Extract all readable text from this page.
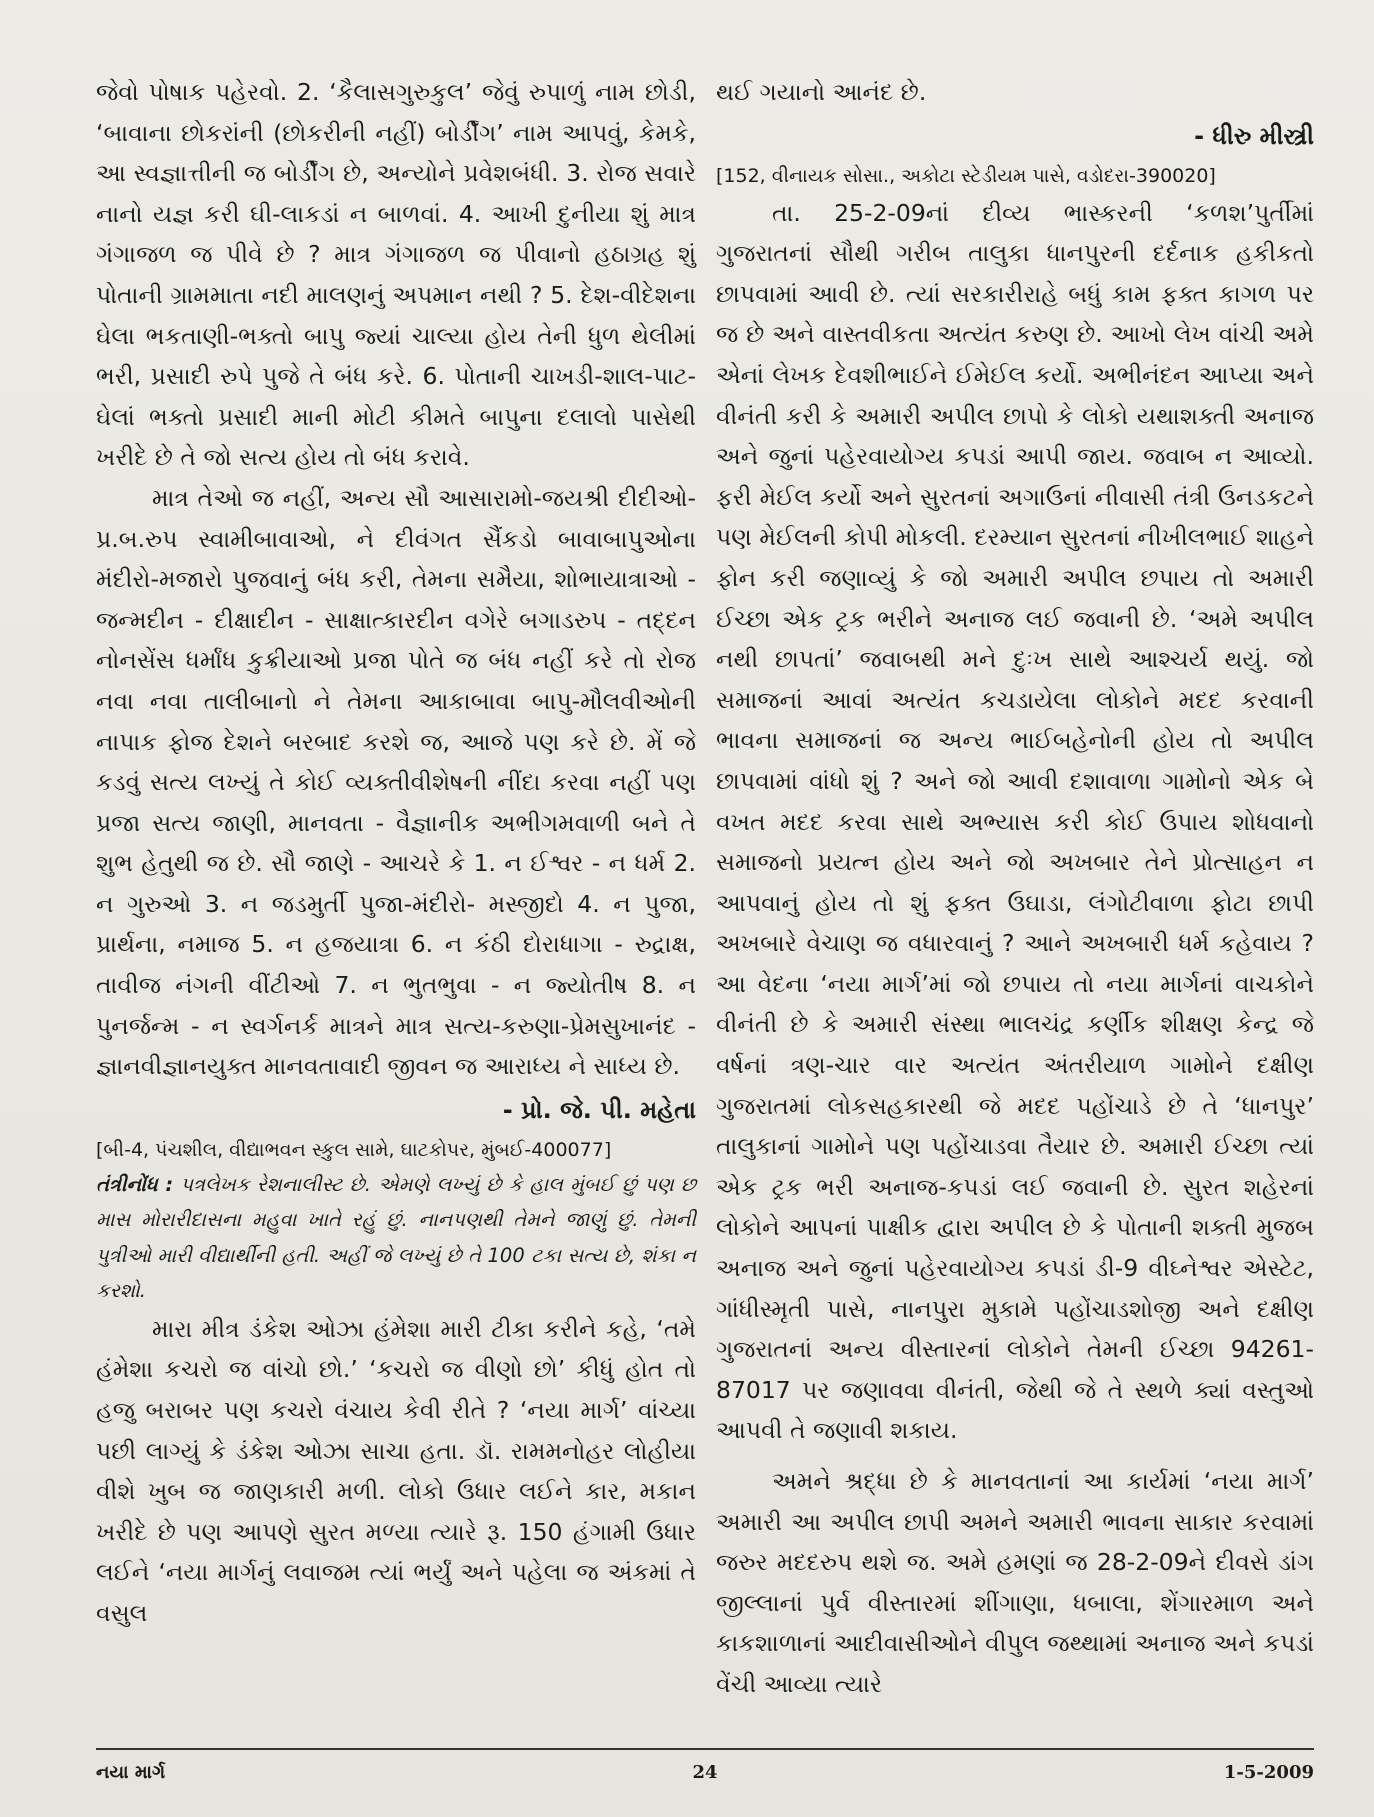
જેવો પોષાક પહેરવો. 2. ‘કૈલાસગુરુકુલ’ જેવું રુપાળું નામ છોડી, ‘બાવાના છોકરાંની (છોકરીની નહીં) બોર્ડીંગ’ નામ આપવું, કેમકે, આ સ્વજ્ઞાત્તીની જ બોર્ડીંગ છે, અન્યોને પ્રવેશબંધી. 3. રોજ સવારે નાનો યજ્ઞ કરી ઘી-લાકડાં ન બાળવાં. 4. આખી દુનીયા શું માત્ર ગંગાજળ જ પીવે છે ? માત્ર ગંગાજળ જ પીવાનો હઠાગ્રહ શું પોતાની ગ્રામમાતા નદી માલણનું અપમાન નથી ? 5. દેશ-વીદેશના ઘેલા ભકતાણી-ભક્તો બાપુ જ્યાં ચાલ્યા હોય તેની ધુળ થેલીમાં ભરી, પ્રસાદી રુપે પુજે તે બંધ કરે. 6. પોતાની ચાખડી-શાલ-પાટ- ઘેલાં ભક્તો પ્રસાદી માની મોટી કીમતે બાપુના દલાલો પાસેથી ખરીદે છે તે જો સત્ય હોય તો બંધ કરાવે.

માત્ર તેઓ જ નહીં, અન્ય સૌ આસારામો-જયશ્રી દીદીઓ- પ્ર.બ.રુપ સ્વામીબાવાઓ, ને દીવંગત સૈંકડો બાવાબાપુઓના મંદીરો-મજારો પુજવાનું બંધ કરી, તેમના સમૈયા, શોભાયાત્રાઓ - જન્મદીન - દીક્ષાદીન - સાક્ષાત્કારદીન વગેરે બગાડરુપ - તદ્દન નોનસેંસ ધર્માંધ કુક્રીયાઓ પ્રજા પોતે જ બંધ નહીં કરે તો રોજ નવા નવા તાલીબાનો ને તેમના આકાબાવા બાપુ-મૌલવીઓની નાપાક ફોજ દેશને બરબાદ કરશે જ, આજે પણ કરે છે. મેં જે કડવું સત્ય લખ્યું તે કોઈ વ્યક્તીવીશેષની નીંદા કરવા નહીં પણ પ્રજા સત્ય જાણી, માનવતા - વૈજ્ઞાનીક અભીગમવાળી બને તે શુભ હેતુથી જ છે. સૌ જાણે - આચરે કે 1. ન ઈશ્વર - ન ધર્મ 2. ન ગુરુઓ 3. ન જડમુર્તી પુજા-મંદીરો- મસ્જીદો 4. ન પુજા, પ્રાર્થના, નમાજ 5. ન હજયાત્રા 6. ન કંઠી દોરાધાગા - રુદ્રાક્ષ, તાવીજ નંગની વીંટીઓ 7. ન ભુતભુવા - ન જ્યોતીષ 8. ન પુનર્જન્મ - ન સ્વર્ગનર્ક માત્રને માત્ર સત્ય-કરુણા-પ્રેમસુખાનંદ - જ્ઞાનવીજ્ઞાનયુક્ત માનવતાવાદી જીવન જ આરાધ્ય ને સાધ્ય છે.

- પ્રો. જે. પી. મહેતા

[બી-4, પંચશીલ, વીદ્યાભવન સ્કુલ સામે, ઘાટકોપર, મુંબઈ-400077]

તંત્રીનોંધ : પત્રલેખક રેશનાલીસ્ટ છે. એમણે લખ્યું છે કે હાલ મુંબઈ છું પણ છ માસ મોરારીદાસના મહુવા ખાતે રહું છું. નાનપણથી તેમને જાણું છું. તેમની પુત્રીઓ મારી વીદ્યાર્થીની હતી. અહીં જે લખ્યું છે તે 100 ટકા સત્ય છે, શંકા ન કરશો.

મારા મીત્ર ડંકેશ ઓઝા હંમેશા મારી ટીકા કરીને કહે, ‘તમે હંમેશા કચરો જ વાંચો છો.’ ‘કચરો જ વીણો છો’ કીધું હોત તો હજુ બરાબર પણ કચરો વંચાય કેવી રીતે ? ‘નયા માર્ગ’ વાંચ્યા પછી લાગ્યું કે ડંકેશ ઓઝા સાચા હતા. ડૉ. રામમનોહર લોહીયા વીશે ખુબ જ જાણકારી મળી. લોકો ઉધાર લઈને કાર, મકાન ખરીદે છે પણ આપણે સુરત મળ્યા ત્યારે રૂ. 150 હંગામી ઉધાર લઈને ‘નયા માર્ગનું લવાજમ ત્યાં ભર્યું અને પહેલા જ અંકમાં તે વસુલ

થઈ ગયાનો આનંદ છે.

- ધીરુ મીસ્ત્રી

[152, વીનાયક સોસા., અકોટા સ્ટેડીયમ પાસે, વડોદરા-390020]

તા. 25-2-09નાં દીવ્ય ભાસ્કરની ‘કળશ’પુર્તીમાં ગુજરાતનાં સૌથી ગરીબ તાલુકા ધાનપુરની દર્દનાક હકીકતો છાપવામાં આવી છે. ત્યાં સરકારીરાહે બધું કામ ફક્ત કાગળ પર જ છે અને વાસ્તવીકતા અત્યંત કરુણ છે. આખો લેખ વાંચી અમે એનાં લેખક દેવશીભાઈને ઈમેઈલ કર્યો. અભીનંદન આપ્યા અને વીનંતી કરી કે અમારી અપીલ છાપો કે લોકો યથાશક્તી અનાજ અને જુનાં પહેરવાયોગ્ય કપડાં આપી જાય. જવાબ ન આવ્યો. ફરી મેઈલ કર્યો અને સુરતનાં અગાઉનાં નીવાસી તંત્રી ઉનડકટને પણ મેઈલની કોપી મોકલી. દરમ્યાન સુરતનાં નીખીલભાઈ શાહને ફોન કરી જણાવ્યું કે જો અમારી અપીલ છપાય તો અમારી ઈચ્છા એક ટ્રક ભરીને અનાજ લઈ જવાની છે. ‘અમે અપીલ નથી છાપતાં’ જવાબથી મને દુઃખ સાથે આશ્ચર્ય થયું. જો સમાજનાં આવાં અત્યંત કચડાયેલા લોકોને મદદ કરવાની ભાવના સમાજનાં જ અન્ય ભાઈબહેનોની હોય તો અપીલ છાપવામાં વાંધો શું ? અને જો આવી દશાવાળા ગામોનો એક બે વખત મદદ કરવા સાથે અભ્યાસ કરી કોઈ ઉપાય શોધવાનો સમાજનો પ્રયત્ન હોય અને જો અખબાર તેને પ્રોત્સાહન ન આપવાનું હોય તો શું ફક્ત ઉઘાડા, લંગોટીવાળા ફોટા છાપી અખબારે વેચાણ જ વધારવાનું ? આને અખબારી ધર્મ કહેવાય ? આ વેદના ‘નયા માર્ગ’માં જો છપાય તો નયા માર્ગનાં વાચકોને વીનંતી છે કે અમારી સંસ્થા ભાલચંદ્ર કર્ણીક શીક્ષણ કેન્દ્ર જે વર્ષનાં ત્રણ-ચાર વાર અત્યંત અંતરીયાળ ગામોને દક્ષીણ ગુજરાતમાં લોકસહકારથી જે મદદ પહોંચાડે છે તે ‘ધાનપુર’ તાલુકાનાં ગામોને પણ પહોંચાડવા તૈયાર છે. અમારી ઈચ્છા ત્યાં એક ટ્રક ભરી અનાજ-કપડાં લઈ જવાની છે. સુરત શહેરનાં લોકોને આપનાં પાક્ષીક દ્વારા અપીલ છે કે પોતાની શક્તી મુજબ અનાજ અને જુનાં પહેરવાયોગ્ય કપડાં ડી-9 વીઘ્નેશ્વર એસ્ટેટ, ગાંધીસ્મૃતી પાસે, નાનપુરા મુકામે પહોંચાડશોજી અને દક્ષીણ ગુજરાતનાં અન્ય વીસ્તારનાં લોકોને તેમની ઈચ્છા 94261-87017 પર જણાવવા વીનંતી, જેથી જે તે સ્થળે ક્યાં વસ્તુઓ આપવી તે જણાવી શકાય.

અમને શ્રદ્ધા છે કે માનવતાનાં આ કાર્યમાં ‘નયા માર્ગ’ અમારી આ અપીલ છાપી અમને અમારી ભાવના સાકાર કરવામાં જરુર મદદરુપ થશે જ. અમે હમણાં જ 28-2-09ને દીવસે ડાંગ જીલ્લાનાં પુર્વ વીસ્તારમાં શીંગાણા, ધબાલા, શેંગારમાળ અને કાકશાળાનાં આદીવાસીઓને વીપુલ જથ્થામાં અનાજ અને કપડાં વેંચી આવ્યા ત્યારે

નયા માર્ગ	24	1-5-2009
